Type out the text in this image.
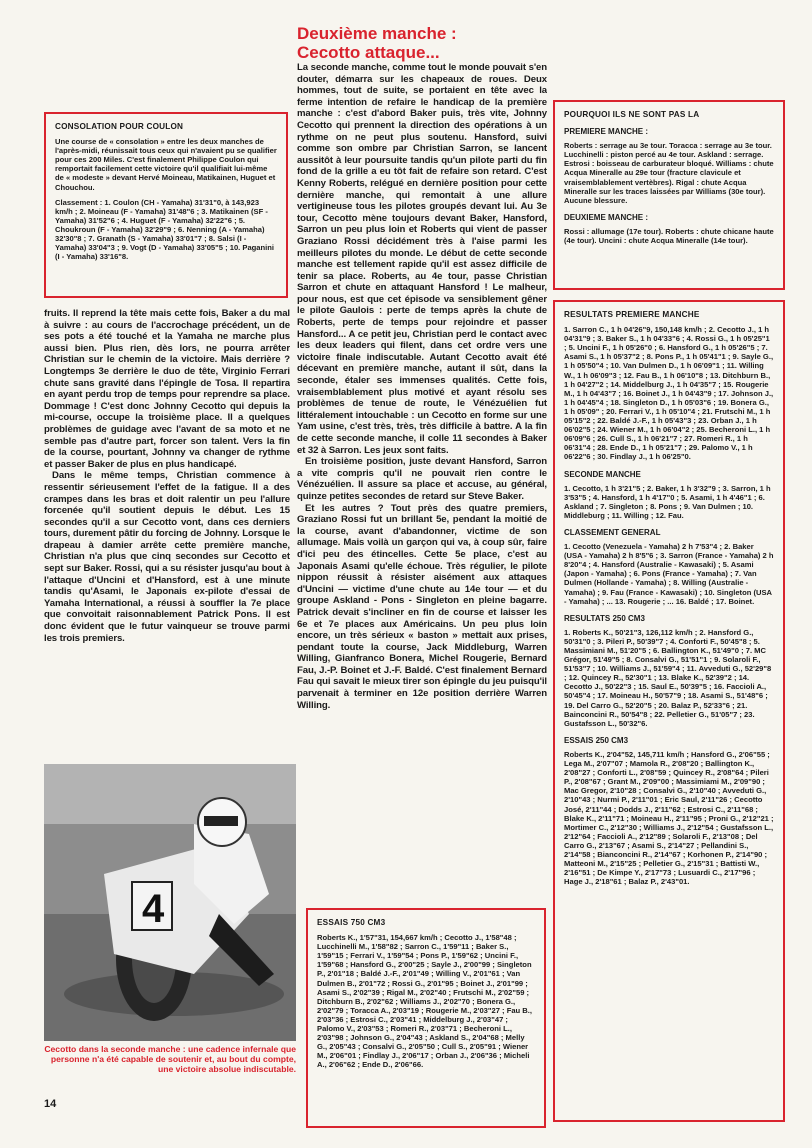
Deuxième manche :
Cecotto attaque...
CONSOLATION POUR COULON

Une course de « consolation » entre les deux manches de l'après-midi, réunissait tous ceux qui n'avaient pu se qualifier pour ces 200 Miles. C'est finalement Philippe Coulon qui remportait facilement cette victoire qu'il qualifiait lui-même de « modeste » devant Hervé Moineau, Matikainen, Huguet et Chouchou.

Classement : 1. Coulon (CH - Yamaha) 31'31"0, à 143,923 km/h ; 2. Moineau (F - Yamaha) 31'48"6 ; 3. Matikainen (SF - Yamaha) 31'52"6 ; 4. Huguet (F - Yamaha) 32'22"6 ; 5. Choukroun (F - Yamaha) 32'29"9 ; 6. Nenning (A - Yamaha) 32'30"8 ; 7. Granath (S - Yamaha) 33'01"7 ; 8. Salsi (I - Yamaha) 33'04"3 ; 9. Vogt (D - Yamaha) 33'05"5 ; 10. Paganini (I - Yamaha) 33'16"8.

fruits. Il reprend la tête mais cette fois, Baker a du mal à suivre : au cours de l'accrochage précédent, un de ses pots a été touché et la Yamaha ne marche plus aussi bien. Plus rien, dès lors, ne pourra arrêter Christian sur le chemin de la victoire. Mais derrière ? Longtemps 3e derrière le duo de tête, Virginio Ferrari chute sans gravité dans l'épingle de Tosa. Il repartira en ayant perdu trop de temps pour reprendre sa place. Dommage ! C'est donc Johnny Cecotto qui depuis la mi-course, occupe la troisième place. Il a quelques problèmes de guidage avec l'avant de sa moto et ne semble pas d'autre part, forcer son talent. Vers la fin de la course, pourtant, Johnny va changer de rythme et passer Baker de plus en plus handicapé.

Dans le même temps, Christian commence à ressentir sérieusement l'effet de la fatigue. Il a des crampes dans les bras et doit ralentir un peu l'allure forcenée qu'il soutient depuis le début. Les 15 secondes qu'il a sur Cecotto vont, dans ces derniers tours, durement pâtir du forcing de Johnny. Lorsque le drapeau à damier arrête cette première manche, Christian n'a plus que cinq secondes sur Cecotto et sept sur Baker. Rossi, qui a su résister jusqu'au bout à l'attaque d'Uncini et d'Hansford, est à une minute tandis qu'Asami, le Japonais ex-pilote d'essai de Yamaha International, a réussi à souffler la 7e place que convoitait raisonnablement Patrick Pons. Il est donc évident que le futur vainqueur se trouve parmi les trois premiers.

4
Cecotto dans la seconde manche : une cadence infernale que personne n'a été capable de soutenir et, au bout du compte, une victoire absolue indiscutable.
14

La seconde manche, comme tout le monde pouvait s'en douter, démarra sur les chapeaux de roues. Deux hommes, tout de suite, se portaient en tête avec la ferme intention de refaire le handicap de la première manche : c'est d'abord Baker puis, très vite, Johnny Cecotto qui prennent la direction des opérations à un rythme on ne peut plus soutenu. Hansford, suivi comme son ombre par Christian Sarron, se lancent aussitôt à leur poursuite tandis qu'un pilote parti du fin fond de la grille a eu tôt fait de refaire son retard. C'est Kenny Roberts, relégué en dernière position pour cette dernière manche, qui remontait à une allure vertigineuse tous les pilotes groupés devant lui. Au 3e tour, Cecotto mène toujours devant Baker, Hansford, Sarron un peu plus loin et Roberts qui vient de passer Graziano Rossi décidément très à l'aise parmi les meilleurs pilotes du monde. Le début de cette seconde manche est tellement rapide qu'il est assez difficile de tenir sa place. Roberts, au 4e tour, passe Christian Sarron et chute en attaquant Hansford ! Le malheur, pour nous, est que cet épisode va sensiblement gêner le pilote Gaulois : perte de temps après la chute de Roberts, perte de temps pour rejoindre et passer Hansford... A ce petit jeu, Christian perd le contact avec les deux leaders qui filent, dans cet ordre vers une victoire finale indiscutable. Autant Cecotto avait été décevant en première manche, autant il sût, dans la seconde, étaler ses immenses qualités. Cette fois, vraisemblablement plus motivé et ayant résolu ses problèmes de tenue de route, le Vénézuélien fut littéralement intouchable : un Cecotto en forme sur une Yam usine, c'est très, très, très difficile à battre. A la fin de cette seconde manche, il colle 11 secondes à Baker et 32 à Sarron. Les jeux sont faits.

En troisième position, juste devant Hansford, Sarron a vite compris qu'il ne pouvait rien contre le Vénézuélien. Il assure sa place et accuse, au général, quinze petites secondes de retard sur Steve Baker.

Et les autres ? Tout près des quatre premiers, Graziano Rossi fut un brillant 5e, pendant la moitié de la course, avant d'abandonner, victime de son allumage. Mais voilà un garçon qui va, à coup sûr, faire d'ici peu des étincelles. Cette 5e place, c'est au Japonais Asami qu'elle échoue. Très régulier, le pilote nippon réussit à résister aisément aux attaques d'Uncini — victime d'une chute au 14e tour — et du groupe Askland - Pons - Singleton en pleine bagarre. Patrick devait s'incliner en fin de course et laisser les 6e et 7e places aux Américains. Un peu plus loin encore, un très sérieux « baston » mettait aux prises, pendant toute la course, Jack Middleburg, Warren Willing, Gianfranco Bonera, Michel Rougerie, Bernard Fau, J.-P. Boinet et J.-F. Baldé. C'est finalement Bernard Fau qui savait le mieux tirer son épingle du jeu puisqu'il parvenait à terminer en 12e position derrière Warren Willing.

ESSAIS 750 CM3

Roberts K., 1'57"31, 154,667 km/h ; Cecotto J., 1'58"48 ; Lucchinelli M., 1'58"82 ; Sarron C., 1'59"11 ; Baker S., 1'59"15 ; Ferrari V., 1'59"54 ; Pons P., 1'59"62 ; Uncini F., 1'59"68 ; Hansford G., 2'00"25 ; Sayle J., 2'00"99 ; Singleton P., 2'01"18 ; Baldé J.-F., 2'01"49 ; Willing V., 2'01"61 ; Van Dulmen B., 2'01"72 ; Rossi G., 2'01"95 ; Boinet J., 2'01"99 ; Asami S., 2'02"39 ; Rigal M., 2'02"40 ; Frutschi M., 2'02"59 ; Ditchburn B., 2'02"62 ; Williams J., 2'02"70 ; Bonera G., 2'02"79 ; Toracca A., 2'03"19 ; Rougerie M., 2'03"27 ; Fau B., 2'03"36 ; Estrosi C., 2'03"41 ; Middelburg J., 2'03"47 ; Palomo V., 2'03"53 ; Romeri R., 2'03"71 ; Becheroni L., 2'03"98 ; Johnson G., 2'04"43 ; Askland S., 2'04"68 ; Melly G., 2'05"43 ; Consalvi G., 2'05"50 ; Cull S., 2'05"91 ; Wiener M., 2'06"01 ; Findlay J., 2'06"17 ; Orban J., 2'06"36 ; Micheli A., 2'06"62 ; Ende D., 2'06"66.

POURQUOI ILS NE SONT PAS LA
PREMIERE MANCHE :

Roberts : serrage au 3e tour. Toracca : serrage au 3e tour. Lucchinelli : piston percé au 4e tour. Askland : serrage. Estrosi : boisseau de carburateur bloqué. Williams : chute Acqua Mineralle au 29e tour (fracture clavicule et vraisemblablement vertèbres). Rigal : chute Acqua Mineralle sur les traces laissées par Williams (30e tour). Aucune blessure.

DEUXIEME MANCHE :

Rossi : allumage (17e tour). Roberts : chute chicane haute (4e tour). Uncini : chute Acqua Mineralle (14e tour).

RESULTATS PREMIERE MANCHE

1. Sarron C., 1 h 04'26"9, 150,148 km/h ; 2. Cecotto J., 1 h 04'31"9 ; 3. Baker S., 1 h 04'33"6 ; 4. Rossi G., 1 h 05'25"1 ; 5. Uncini F., 1 h 05'26"0 ; 6. Hansford G., 1 h 05'26"5 ; 7. Asami S., 1 h 05'37"2 ; 8. Pons P., 1 h 05'41"1 ; 9. Sayle G., 1 h 05'50"4 ; 10. Van Dulmen D., 1 h 06'09"1 ; 11. Willing W., 1 h 06'09"3 ; 12. Fau B., 1 h 06'10"8 ; 13. Ditchburn B., 1 h 04'27"2 ; 14. Middelburg J., 1 h 04'35"7 ; 15. Rougerie M., 1 h 04'43"7 ; 16. Boinet J., 1 h 04'43"9 ; 17. Johnson J., 1 h 04'45"4 ; 18. Singleton D., 1 h 05'03"6 ; 19. Bonera G., 1 h 05'09" ; 20. Ferrari V., 1 h 05'10"4 ; 21. Frutschi M., 1 h 05'15"2 ; 22. Baldé J.-F., 1 h 05'43"3 ; 23. Orban J., 1 h 06'02"5 ; 24. Wiener M., 1 h 06'04"2 ; 25. Becheroni L., 1 h 06'09"6 ; 26. Cull S., 1 h 06'21"7 ; 27. Romeri R., 1 h 06'31"4 ; 28. Ende D., 1 h 05'21"7 ; 29. Palomo V., 1 h 06'22"6 ; 30. Findlay J., 1 h 06'25"0.

SECONDE MANCHE

1. Cecotto, 1 h 3'21"5 ; 2. Baker, 1 h 3'32"9 ; 3. Sarron, 1 h 3'53"5 ; 4. Hansford, 1 h 4'17"0 ; 5. Asami, 1 h 4'46"1 ; 6. Askland ; 7. Singleton ; 8. Pons ; 9. Van Dulmen ; 10. Middleburg ; 11. Willing ; 12. Fau.

CLASSEMENT GENERAL

1. Cecotto (Venezuela - Yamaha) 2 h 7'53"4 ; 2. Baker (USA - Yamaha) 2 h 8'5"6 ; 3. Sarron (France - Yamaha) 2 h 8'20"4 ; 4. Hansford (Australie - Kawasaki) ; 5. Asami (Japon - Yamaha) ; 6. Pons (France - Yamaha) ; 7. Van Dulmen (Hollande - Yamaha) ; 8. Willing (Australie - Yamaha) ; 9. Fau (France - Kawasaki) ; 10. Singleton (USA - Yamaha) ; ... 13. Rougerie ; ... 16. Baldé ; 17. Boinet.

RESULTATS 250 CM3

1. Roberts K., 50'21"3, 126,112 km/h ; 2. Hansford G., 50'31"0 ; 3. Pileri P., 50'39"7 ; 4. Conforti F., 50'45"8 ; 5. Massimiani M., 51'20"5 ; 6. Ballington K., 51'49"0 ; 7. MC Grégor, 51'49"5 ; 8. Consalvi G., 51'51"1 ; 9. Solaroli F., 51'53"7 ; 10. Williams J., 51'59"4 ; 11. Avveduti G., 52'29"8 ; 12. Quincey R., 52'30"1 ; 13. Blake K., 52'39"2 ; 14. Cecotto J., 50'22"3 ; 15. Saul E., 50'39"5 ; 16. Faccioli A., 50'45"4 ; 17. Moineau H., 50'57"9 ; 18. Asami S., 51'48"6 ; 19. Del Carro G., 52'20"5 ; 20. Balaz P., 52'33"6 ; 21. Bainconcini R., 50'54"8 ; 22. Pelletier G., 51'05"7 ; 23. Gustafsson L., 50'32"6.

ESSAIS 250 CM3

Roberts K., 2'04"52, 145,711 km/h ; Hansford G., 2'06"55 ; Lega M., 2'07"07 ; Mamola R., 2'08"20 ; Ballington K., 2'08"27 ; Conforti L., 2'08"59 ; Quincey R., 2'08"64 ; Pileri P., 2'08"67 ; Grant M., 2'09"00 ; Massimiami M., 2'09"90 ; Mac Gregor, 2'10"28 ; Consalvi G., 2'10"40 ; Avveduti G., 2'10"43 ; Nurmi P., 2'11"01 ; Eric Saul, 2'11"26 ; Cecotto José, 2'11"44 ; Dodds J., 2'11"62 ; Estrosi C., 2'11"68 ; Blake K., 2'11"71 ; Moineau H., 2'11"95 ; Proni G., 2'12"21 ; Mortimer C., 2'12"30 ; Williams J., 2'12"54 ; Gustafsson L., 2'12"64 ; Faccioli A., 2'12"89 ; Solaroli F., 2'13"08 ; Del Carro G., 2'13"67 ; Asami S., 2'14"27 ; Pellandini S., 2'14"58 ; Bianconcini R., 2'14"67 ; Korhonen P., 2'14"90 ; Matteoni M., 2'15"25 ; Pelletier G., 2'15"31 ; Battisti W., 2'16"51 ; De Kimpe Y., 2'17"73 ; Lusuardi C., 2'17"96 ; Hage J., 2'18"61 ; Balaz P., 2'43"01.
